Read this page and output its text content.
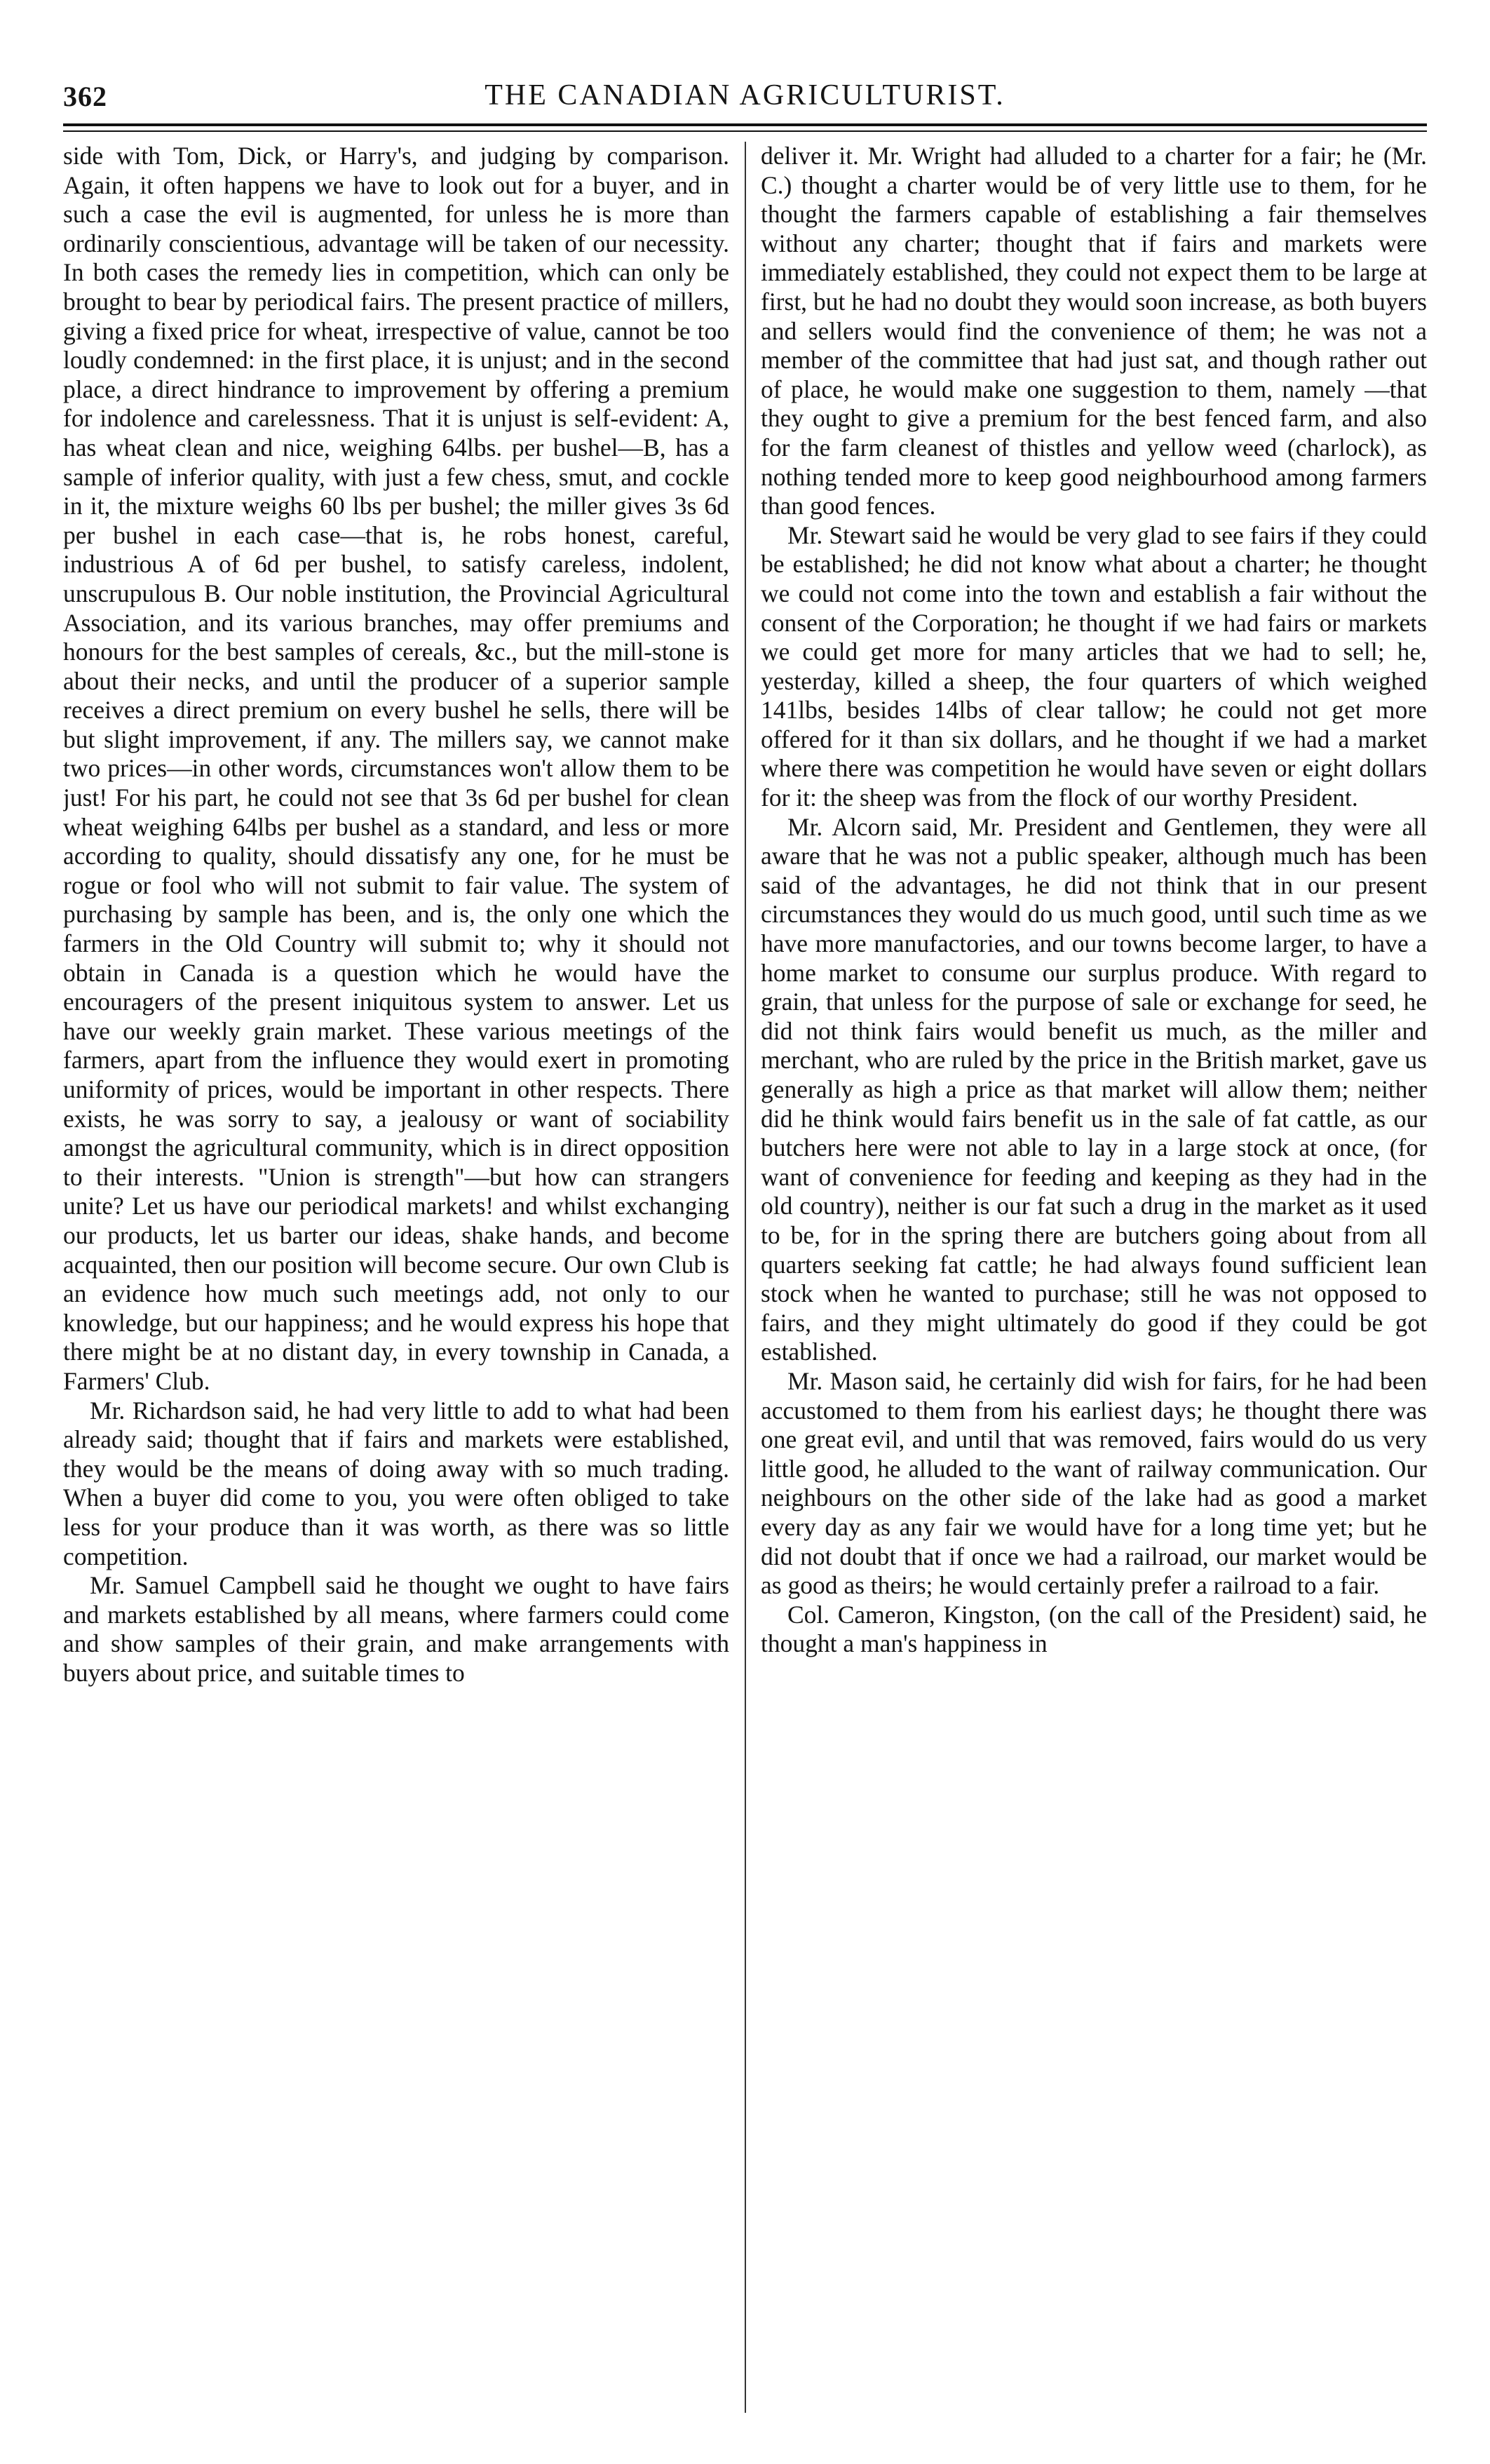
362	THE CANADIAN AGRICULTURIST.

side with Tom, Dick, or Harry's, and judging by comparison. Again, it often happens we have to look out for a buyer, and in such a case the evil is augmented, for unless he is more than ordinarily conscientious, advantage will be taken of our necessity. In both cases the remedy lies in competition, which can only be brought to bear by periodical fairs. The present practice of millers, giving a fixed price for wheat, irrespective of value, cannot be too loudly condemned: in the first place, it is unjust; and in the second place, a direct hindrance to improvement by offering a premium for indolence and carelessness. That it is unjust is self-evident: A, has wheat clean and nice, weighing 64lbs. per bushel—B, has a sample of inferior quality, with just a few chess, smut, and cockle in it, the mixture weighs 60 lbs per bushel; the miller gives 3s 6d per bushel in each case—that is, he robs honest, careful, industrious A of 6d per bushel, to satisfy careless, indolent, unscrupulous B. Our noble institution, the Provincial Agricultural Association, and its various branches, may offer premiums and honours for the best samples of cereals, &c., but the mill-stone is about their necks, and until the producer of a superior sample receives a direct premium on every bushel he sells, there will be but slight improvement, if any. The millers say, we cannot make two prices—in other words, circumstances won't allow them to be just! For his part, he could not see that 3s 6d per bushel for clean wheat weighing 64lbs per bushel as a standard, and less or more according to quality, should dissatisfy any one, for he must be rogue or fool who will not submit to fair value. The system of purchasing by sample has been, and is, the only one which the farmers in the Old Country will submit to; why it should not obtain in Canada is a question which he would have the encouragers of the present iniquitous system to answer. Let us have our weekly grain market. These various meetings of the farmers, apart from the influence they would exert in promoting uniformity of prices, would be important in other respects. There exists, he was sorry to say, a jealousy or want of sociability amongst the agricultural community, which is in direct opposition to their interests. "Union is strength"—but how can strangers unite? Let us have our periodical markets! and whilst exchanging our products, let us barter our ideas, shake hands, and become acquainted, then our position will become secure. Our own Club is an evidence how much such meetings add, not only to our knowledge, but our happiness; and he would express his hope that there might be at no distant day, in every township in Canada, a Farmers' Club.

Mr. Richardson said, he had very little to add to what had been already said; thought that if fairs and markets were established, they would be the means of doing away with so much trading. When a buyer did come to you, you were often obliged to take less for your produce than it was worth, as there was so little competition.

Mr. Samuel Campbell said he thought we ought to have fairs and markets established by all means, where farmers could come and show samples of their grain, and make arrangements with buyers about price, and suitable times to

deliver it. Mr. Wright had alluded to a charter for a fair; he (Mr. C.) thought a charter would be of very little use to them, for he thought the farmers capable of establishing a fair themselves without any charter; thought that if fairs and markets were immediately established, they could not expect them to be large at first, but he had no doubt they would soon increase, as both buyers and sellers would find the convenience of them; he was not a member of the committee that had just sat, and though rather out of place, he would make one suggestion to them, namely —that they ought to give a premium for the best fenced farm, and also for the farm cleanest of thistles and yellow weed (charlock), as nothing tended more to keep good neighbourhood among farmers than good fences.

Mr. Stewart said he would be very glad to see fairs if they could be established; he did not know what about a charter; he thought we could not come into the town and establish a fair without the consent of the Corporation; he thought if we had fairs or markets we could get more for many articles that we had to sell; he, yesterday, killed a sheep, the four quarters of which weighed 141lbs, besides 14lbs of clear tallow; he could not get more offered for it than six dollars, and he thought if we had a market where there was competition he would have seven or eight dollars for it: the sheep was from the flock of our worthy President.

Mr. Alcorn said, Mr. President and Gentlemen, they were all aware that he was not a public speaker, although much has been said of the advantages, he did not think that in our present circumstances they would do us much good, until such time as we have more manufactories, and our towns become larger, to have a home market to consume our surplus produce. With regard to grain, that unless for the purpose of sale or exchange for seed, he did not think fairs would benefit us much, as the miller and merchant, who are ruled by the price in the British market, gave us generally as high a price as that market will allow them; neither did he think would fairs benefit us in the sale of fat cattle, as our butchers here were not able to lay in a large stock at once, (for want of convenience for feeding and keeping as they had in the old country), neither is our fat such a drug in the market as it used to be, for in the spring there are butchers going about from all quarters seeking fat cattle; he had always found sufficient lean stock when he wanted to purchase; still he was not opposed to fairs, and they might ultimately do good if they could be got established.

Mr. Mason said, he certainly did wish for fairs, for he had been accustomed to them from his earliest days; he thought there was one great evil, and until that was removed, fairs would do us very little good, he alluded to the want of railway communication. Our neighbours on the other side of the lake had as good a market every day as any fair we would have for a long time yet; but he did not doubt that if once we had a railroad, our market would be as good as theirs; he would certainly prefer a railroad to a fair.

Col. Cameron, Kingston, (on the call of the President) said, he thought a man's happiness in
